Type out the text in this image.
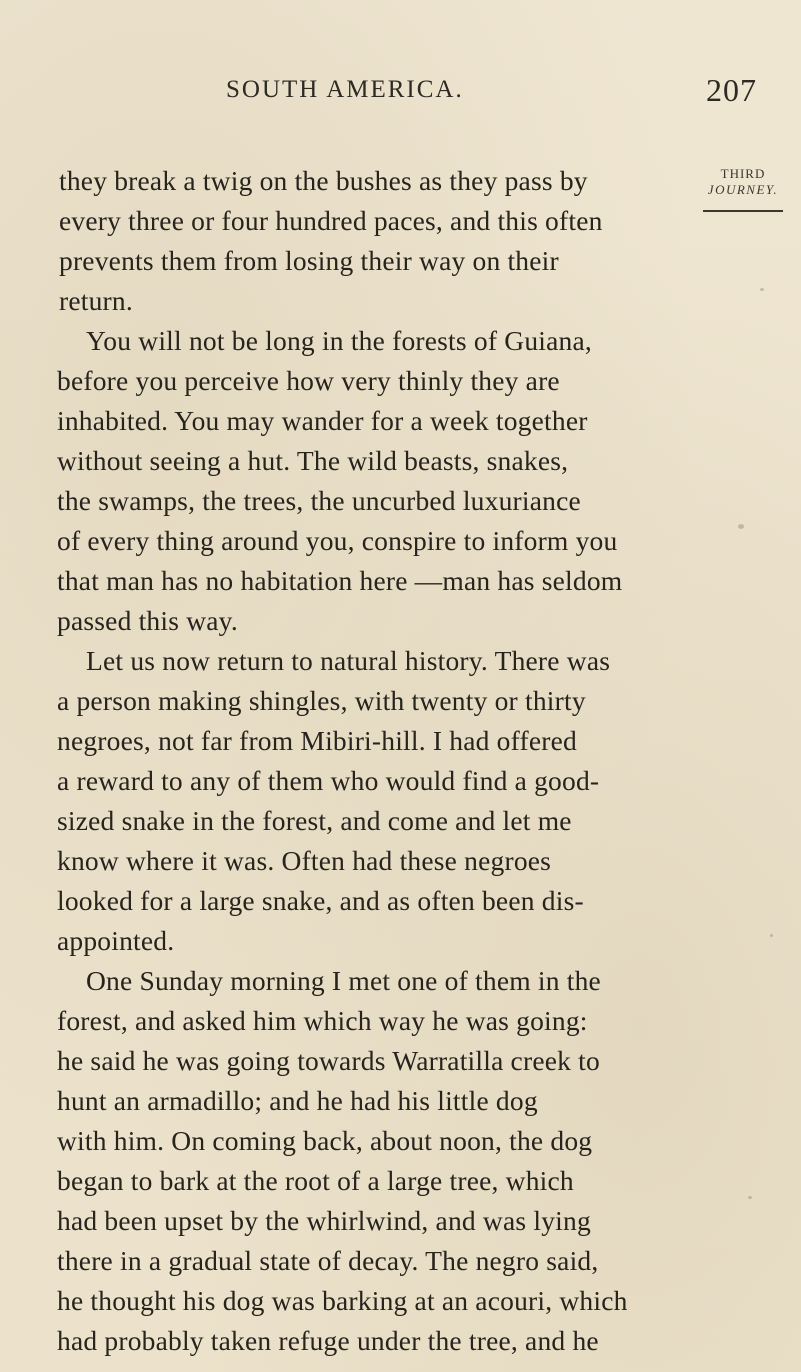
SOUTH AMERICA.	207
THIRD
JOURNEY.
they break a twig on the bushes as they pass by
every three or four hundred paces, and this often
prevents them from losing their way on their
return.
You will not be long in the forests of Guiana,
before you perceive how very thinly they are
inhabited. You may wander for a week together
without seeing a hut. The wild beasts, snakes,
the swamps, the trees, the uncurbed luxuriance
of every thing around you, conspire to inform you
that man has no habitation here —man has seldom
passed this way.
Let us now return to natural history. There was
a person making shingles, with twenty or thirty
negroes, not far from Mibiri-hill. I had offered
a reward to any of them who would find a good-
sized snake in the forest, and come and let me
know where it was. Often had these negroes
looked for a large snake, and as often been dis-
appointed.
One Sunday morning I met one of them in the
forest, and asked him which way he was going:
he said he was going towards Warratilla creek to
hunt an armadillo; and he had his little dog
with him. On coming back, about noon, the dog
began to bark at the root of a large tree, which
had been upset by the whirlwind, and was lying
there in a gradual state of decay. The negro said,
he thought his dog was barking at an acouri, which
had probably taken refuge under the tree, and he
